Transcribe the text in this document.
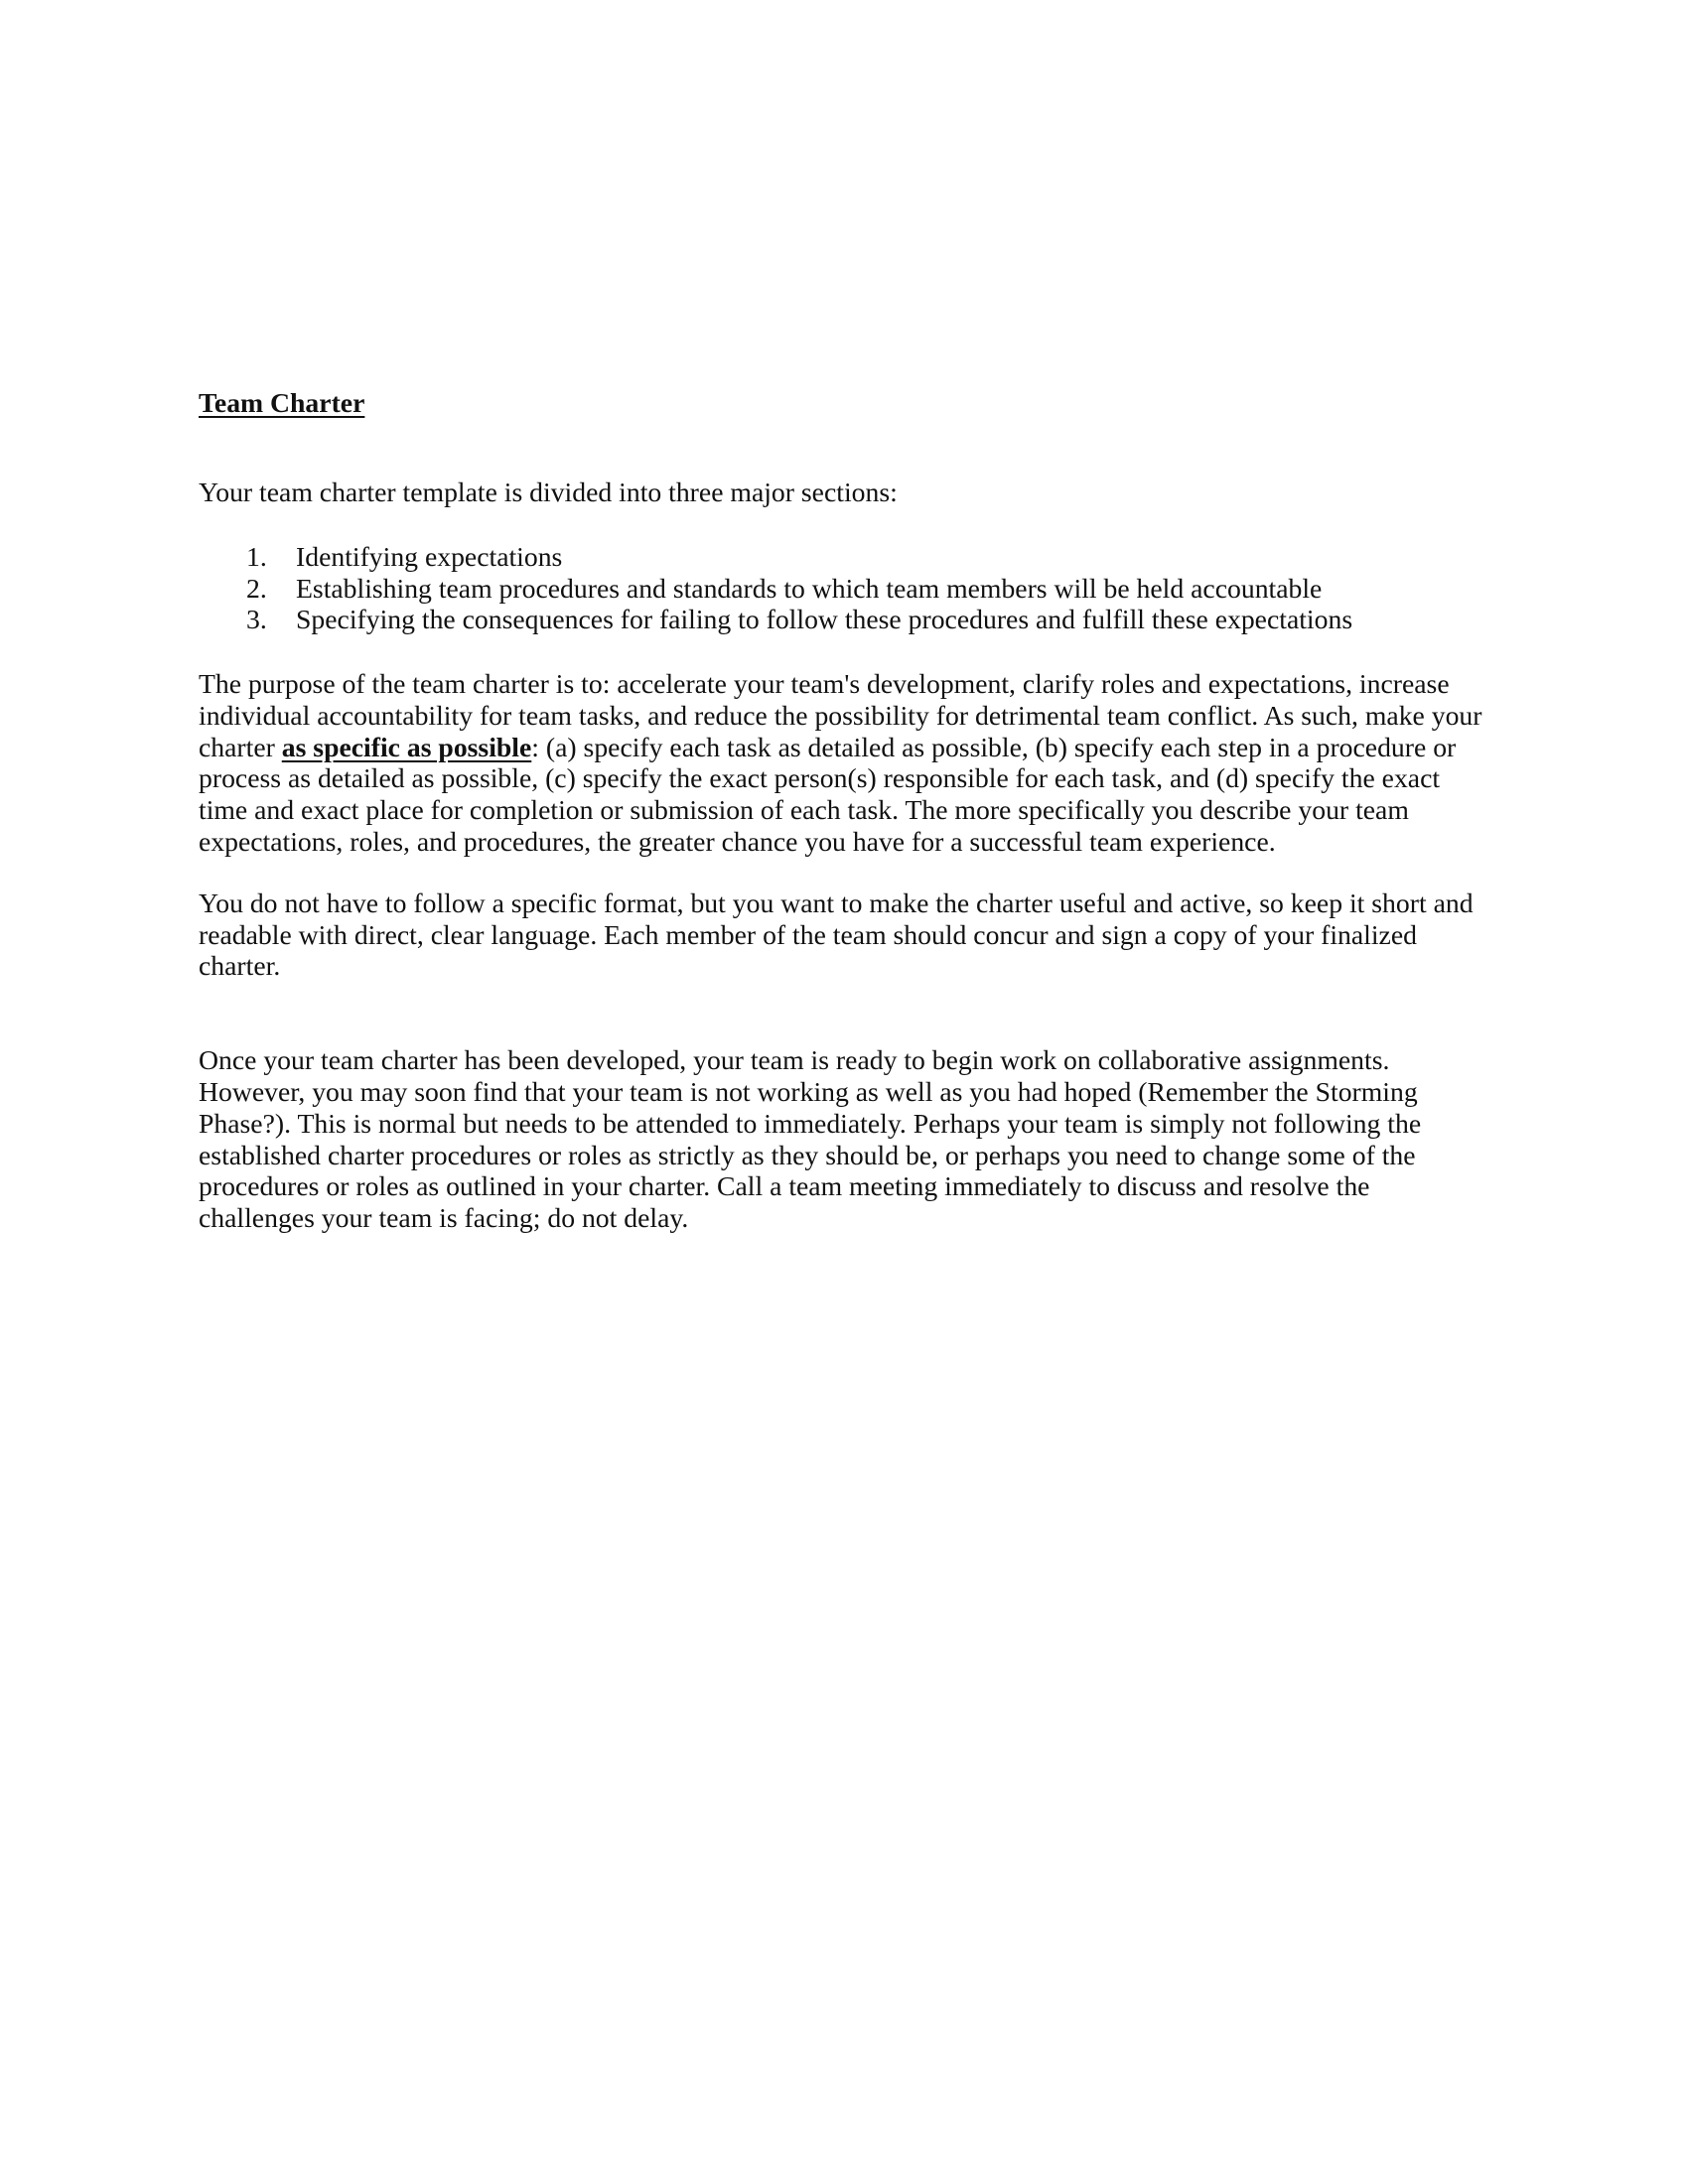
Team Charter
Your team charter template is divided into three major sections:
1. Identifying expectations
2. Establishing team procedures and standards to which team members will be held accountable
3. Specifying the consequences for failing to follow these procedures and fulfill these expectations
The purpose of the team charter is to: accelerate your team's development, clarify roles and expectations, increase
individual accountability for team tasks, and reduce the possibility for detrimental team conflict. As such, make your
charter as specific as possible: (a) specify each task as detailed as possible, (b) specify each step in a procedure or
process as detailed as possible, (c) specify the exact person(s) responsible for each task, and (d) specify the exact
time and exact place for completion or submission of each task. The more specifically you describe your team
expectations, roles, and procedures, the greater chance you have for a successful team experience.
You do not have to follow a specific format, but you want to make the charter useful and active, so keep it short and
readable with direct, clear language. Each member of the team should concur and sign a copy of your finalized
charter.
Once your team charter has been developed, your team is ready to begin work on collaborative assignments.
However, you may soon find that your team is not working as well as you had hoped (Remember the Storming
Phase?). This is normal but needs to be attended to immediately. Perhaps your team is simply not following the
established charter procedures or roles as strictly as they should be, or perhaps you need to change some of the
procedures or roles as outlined in your charter. Call a team meeting immediately to discuss and resolve the
challenges your team is facing; do not delay.
